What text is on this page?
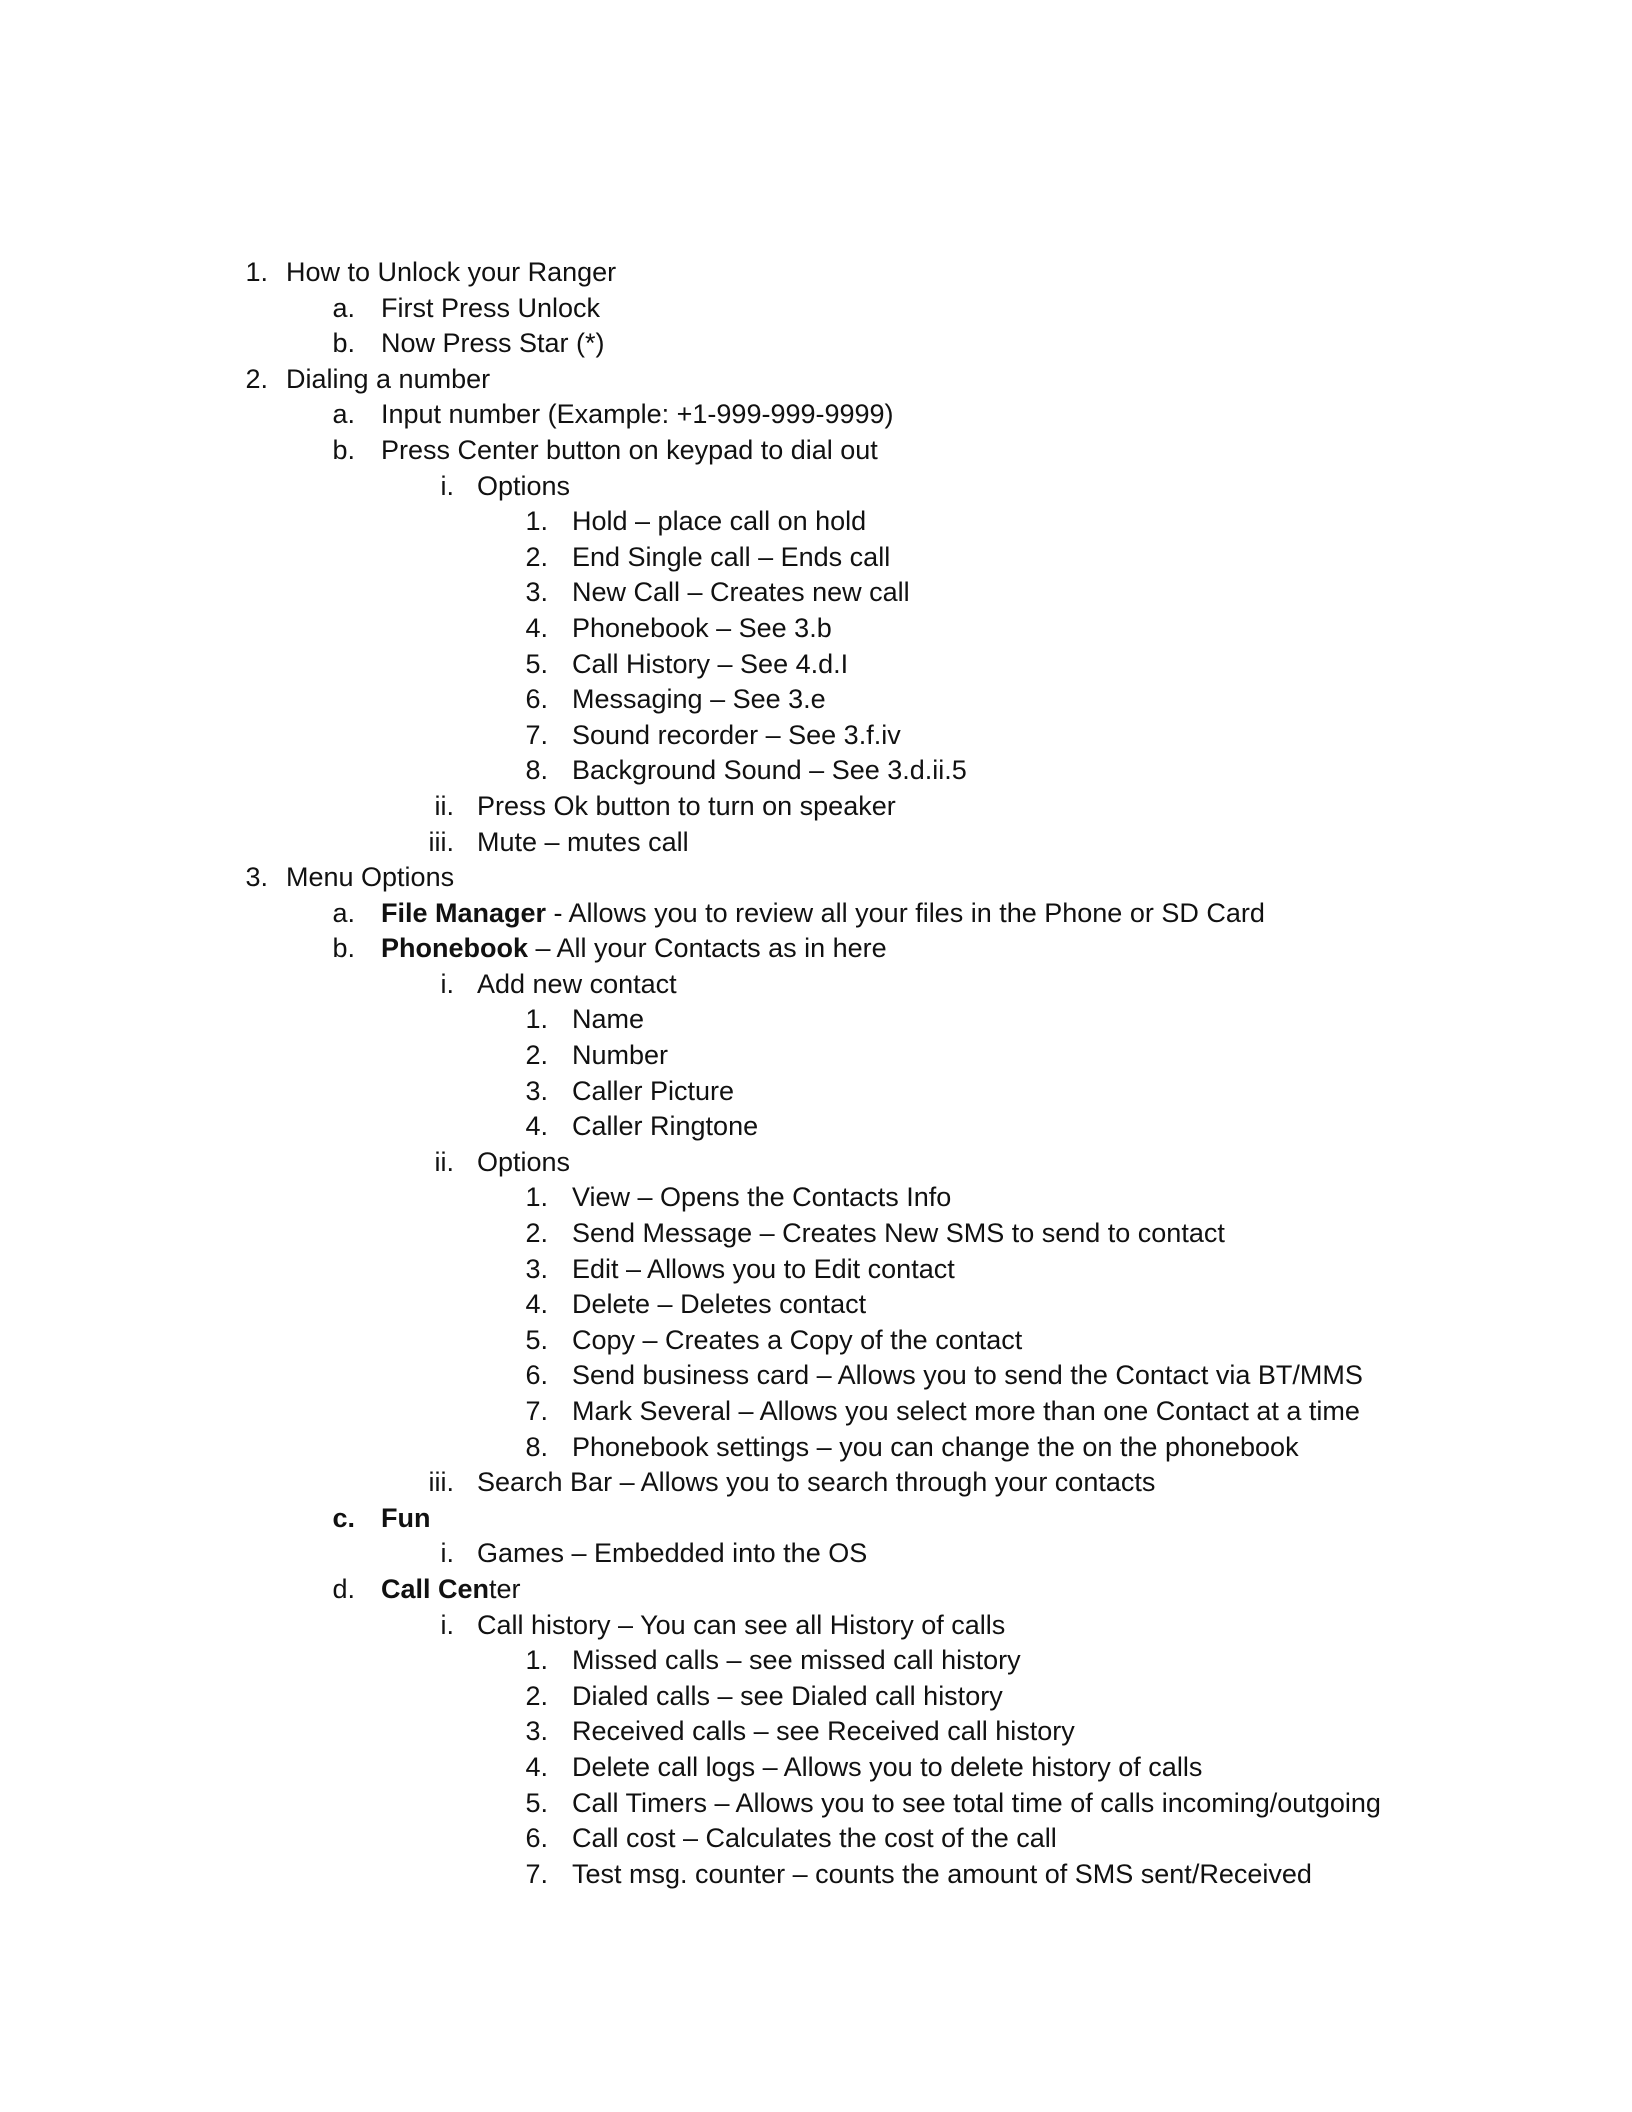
1. How to Unlock your Ranger
a. First Press Unlock
b. Now Press Star (*)
2. Dialing a number
a. Input number (Example: +1-999-999-9999)
b. Press Center button on keypad to dial out
i. Options
1. Hold – place call on hold
2. End Single call – Ends call
3. New Call – Creates new call
4. Phonebook – See 3.b
5. Call History – See 4.d.I
6. Messaging – See 3.e
7. Sound recorder – See 3.f.iv
8. Background Sound – See 3.d.ii.5
ii. Press Ok button to turn on speaker
iii. Mute – mutes call
3. Menu Options
a. File Manager - Allows you to review all your files in the Phone or SD Card
b. Phonebook – All your Contacts as in here
i. Add new contact
1. Name
2. Number
3. Caller Picture
4. Caller Ringtone
ii. Options
1. View – Opens the Contacts Info
2. Send Message – Creates New SMS to send to contact
3. Edit – Allows you to Edit contact
4. Delete – Deletes contact
5. Copy – Creates a Copy of the contact
6. Send business card – Allows you to send the Contact via BT/MMS
7. Mark Several – Allows you select more than one Contact at a time
8. Phonebook settings – you can change the on the phonebook
iii. Search Bar – Allows you to search through your contacts
c. Fun
i. Games – Embedded into the OS
d. Call Center
i. Call history – You can see all History of calls
1. Missed calls – see missed call history
2. Dialed calls – see Dialed call history
3. Received calls – see Received call history
4. Delete call logs – Allows you to delete history of calls
5. Call Timers – Allows you to see total time of calls incoming/outgoing
6. Call cost – Calculates the cost of the call
7. Test msg. counter – counts the amount of SMS sent/Received
